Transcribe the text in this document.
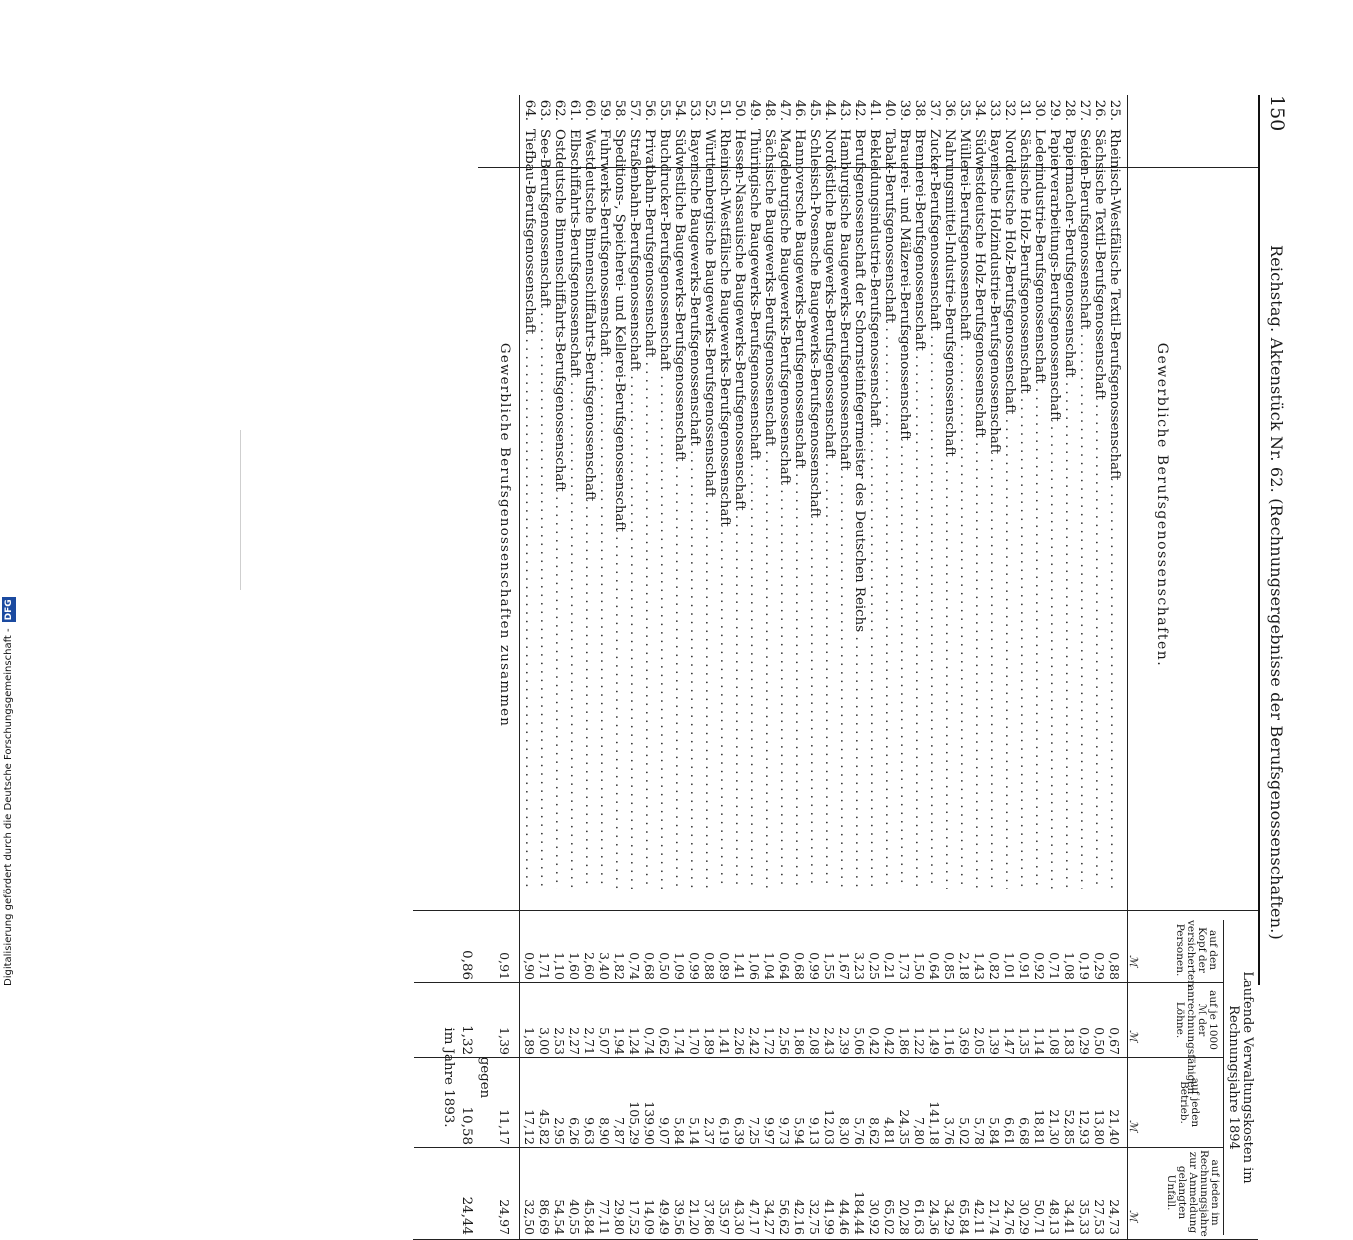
150
Reichstag. Aktenstück Nr. 62. (Rechnungsergebnisse der Berufsgenossenschaften.)
Gewerbliche Berufsgenossenschaften.
Laufende Verwaltungskosten im Rechnungsjahre 1894
auf den Kopf der versicherten Personen.
auf je 1000 ℳ der anrechnungsfähigen Löhne.
auf jeden Betrieb.
auf jeden im Rechnungsjahre zur Anmeldung gelangten Unfall.
ℳ
ℳ
ℳ
ℳ
25.
Rheinisch-Westfälische Textil-Berufsgenossenschaft . . .
0,88
0,67
21,40
24,73
26.
Sächsische Textil-Berufsgenossenschaft . . .
0,29
0,50
13,80
27,53
27.
Seiden-Berufsgenossenschaft . . .
0,19
0,29
12,93
35,33
28.
Papiermacher-Berufsgenossenschaft . . .
1,08
1,83
52,85
34,41
29.
Papierverarbeitungs-Berufsgenossenschaft . . .
0,71
1,08
21,30
48,13
30.
Lederindustrie-Berufsgenossenschaft . . .
0,92
1,14
18,81
50,71
31.
Sächsische Holz-Berufsgenossenschaft . . .
0,91
1,35
6,68
30,29
32.
Norddeutsche Holz-Berufsgenossenschaft . . .
1,01
1,47
6,61
24,76
33.
Bayerische Holzindustrie-Berufsgenossenschaft . . .
0,82
1,39
5,84
21,74
34.
Südwestdeutsche Holz-Berufsgenossenschaft . . .
1,43
2,05
5,78
42,11
35.
Müllerei-Berufsgenossenschaft . . .
2,18
3,69
5,02
65,84
36.
Nahrungsmittel-Industrie-Berufsgenossenschaft . . .
0,85
1,16
3,76
34,29
37.
Zucker-Berufsgenossenschaft . . .
0,64
1,49
141,18
24,36
38.
Brennerei-Berufsgenossenschaft . . .
1,50
1,22
7,80
61,63
39.
Brauerei- und Mälzerei-Berufsgenossenschaft . . .
1,73
1,86
24,35
20,28
40.
Tabak-Berufsgenossenschaft . . .
0,21
0,42
4,81
65,02
41.
Bekleidungsindustrie-Berufsgenossenschaft . . .
0,25
0,42
8,62
30,92
42.
Berufsgenossenschaft der Schornsteinfegermeister des Deutschen Reichs . . .
3,23
5,06
5,76
184,44
43.
Hamburgische Baugewerks-Berufsgenossenschaft . . .
1,67
2,39
8,30
44,46
44.
Nordöstliche Baugewerks-Berufsgenossenschaft . . .
1,55
2,43
12,03
41,99
45.
Schlesisch-Posensche Baugewerks-Berufsgenossenschaft . . .
0,99
2,08
9,13
32,75
46.
Hannoversche Baugewerks-Berufsgenossenschaft . . .
0,68
1,86
5,94
42,16
47.
Magdeburgische Baugewerks-Berufsgenossenschaft . . .
0,64
2,56
9,73
56,62
48.
Sächsische Baugewerks-Berufsgenossenschaft . . .
1,04
1,72
9,97
34,27
49.
Thüringische Baugewerks-Berufsgenossenschaft . . .
1,06
2,42
7,25
47,17
50.
Hessen-Nassauische Baugewerks-Berufsgenossenschaft . . .
1,41
2,26
6,39
43,30
51.
Rheinisch-Westfälische Baugewerks-Berufsgenossenschaft . . .
0,89
1,41
6,19
35,97
52.
Württembergische Baugewerks-Berufsgenossenschaft . . .
0,88
1,89
2,37
37,86
53.
Bayerische Baugewerks-Berufsgenossenschaft . . .
0,99
1,70
5,14
21,20
54.
Südwestliche Baugewerks-Berufsgenossenschaft . . .
1,09
1,74
5,84
39,56
55.
Buchdrucker-Berufsgenossenschaft . . .
0,50
0,62
9,07
49,49
56.
Privatbahn-Berufsgenossenschaft . . .
0,68
0,74
139,90
14,09
57.
Straßenbahn-Berufsgenossenschaft . . .
0,74
1,24
105,29
17,52
58.
Speditions-, Speicherei- und Kellerei-Berufsgenossenschaft . . .
1,82
1,94
7,87
29,80
59.
Fuhrwerks-Berufsgenossenschaft . . .
3,40
5,07
8,90
77,11
60.
Westdeutsche Binnenschiffahrts-Berufsgenossenschaft . . .
2,60
2,71
9,63
45,84
61.
Elbschiffahrts-Berufsgenossenschaft . . .
1,60
2,27
6,26
40,55
62.
Ostdeutsche Binnenschiffahrts-Berufsgenossenschaft . . .
1,10
2,53
2,95
54,54
63.
See-Berufsgenossenschaft . . .
1,71
3,00
45,82
86,69
64.
Tiefbau-Berufsgenossenschaft . . .
0,90
1,89
17,12
32,50
Gewerbliche Berufsgenossenschaften zusammen
0,91
1,39
11,17
24,97
gegen
0,86
1,32
10,58
24,44
im Jahre 1893.
Digitalisierung gefördert durch die Deutsche Forschungsgemeinschaft -DFG
